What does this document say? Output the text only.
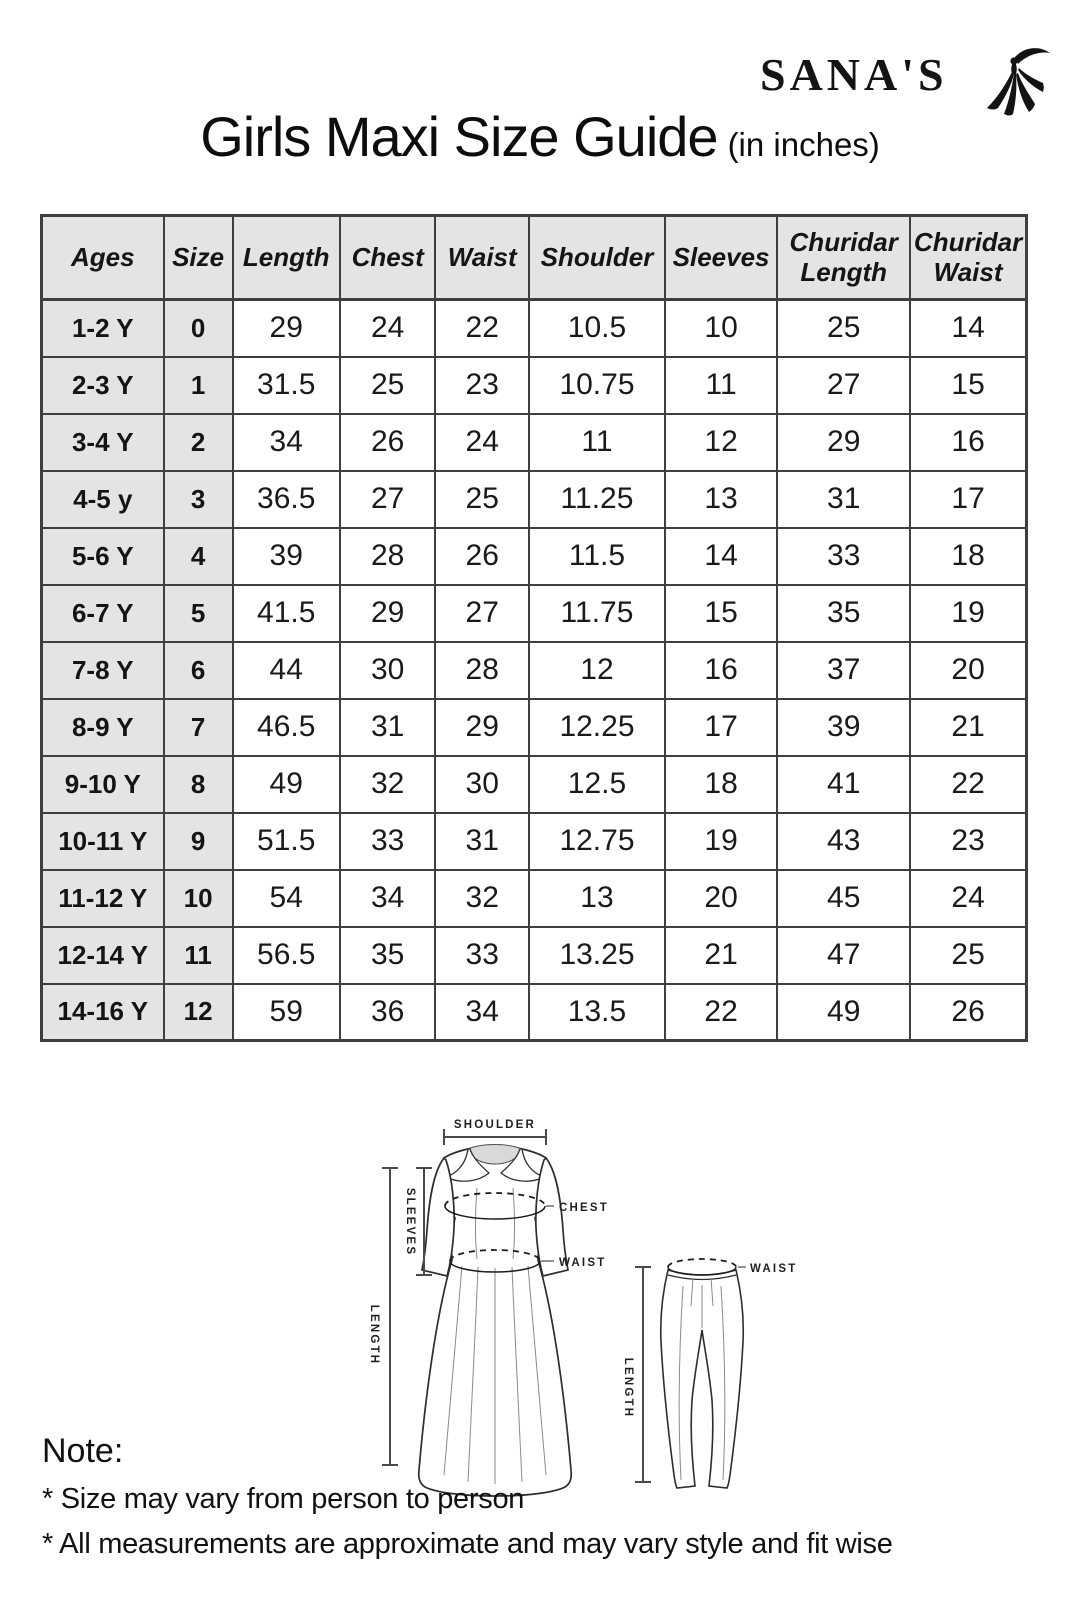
SANA'S
Girls Maxi Size Guide (in inches)
Ages	Size	Length	Chest	Waist	Shoulder	Sleeves	Churidar Length	Churidar Waist
1-2 Y	0	29	24	22	10.5	10	25	14
2-3 Y	1	31.5	25	23	10.75	11	27	15
3-4 Y	2	34	26	24	11	12	29	16
4-5 y	3	36.5	27	25	11.25	13	31	17
5-6 Y	4	39	28	26	11.5	14	33	18
6-7 Y	5	41.5	29	27	11.75	15	35	19
7-8 Y	6	44	30	28	12	16	37	20
8-9 Y	7	46.5	31	29	12.25	17	39	21
9-10 Y	8	49	32	30	12.5	18	41	22
10-11 Y	9	51.5	33	31	12.75	19	43	23
11-12 Y	10	54	34	32	13	20	45	24
12-14 Y	11	56.5	35	33	13.25	21	47	25
14-16 Y	12	59	36	34	13.5	22	49	26
SHOULDER
SLEEVES
LENGTH
CHEST
WAIST
LENGTH
WAIST
Note:
* Size may vary from person to person
* All measurements are approximate and may vary style and fit wise
